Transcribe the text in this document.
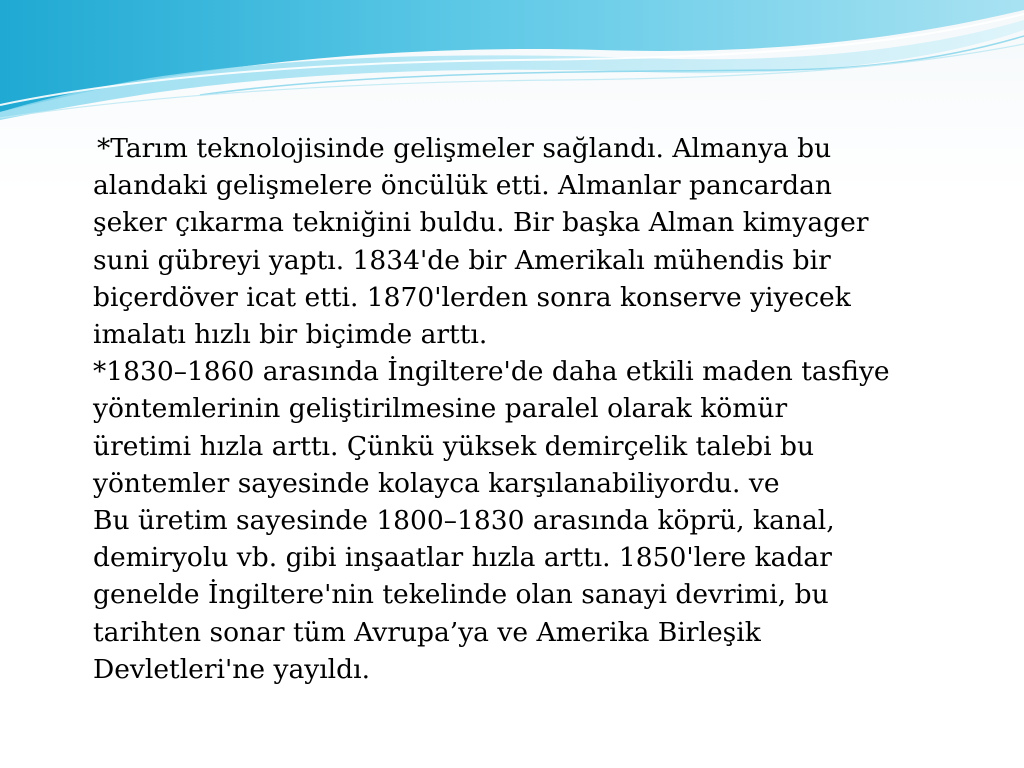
*Tarım teknolojisinde gelişmeler sağlandı. Almanya bu
alandaki gelişmelere öncülük etti. Almanlar pancardan
şeker çıkarma tekniğini buldu. Bir başka Alman kimyager
suni gübreyi yaptı. 1834'de bir Amerikalı mühendis bir
biçerdöver icat etti. 1870'lerden sonra konserve yiyecek
imalatı hızlı bir biçimde arttı.

*1830–1860 arasında İngiltere'de daha etkili maden tasfiye
yöntemlerinin geliştirilmesine paralel olarak kömür
üretimi hızla arttı. Çünkü yüksek demirçelik talebi bu
yöntemler sayesinde kolayca karşılanabiliyordu. ve

Bu üretim sayesinde 1800–1830 arasında köprü, kanal,
demiryolu vb. gibi inşaatlar hızla arttı. 1850'lere kadar
genelde İngiltere'nin tekelinde olan sanayi devrimi, bu
tarihten sonar tüm Avrupa’ya ve Amerika Birleşik
Devletleri'ne yayıldı.
